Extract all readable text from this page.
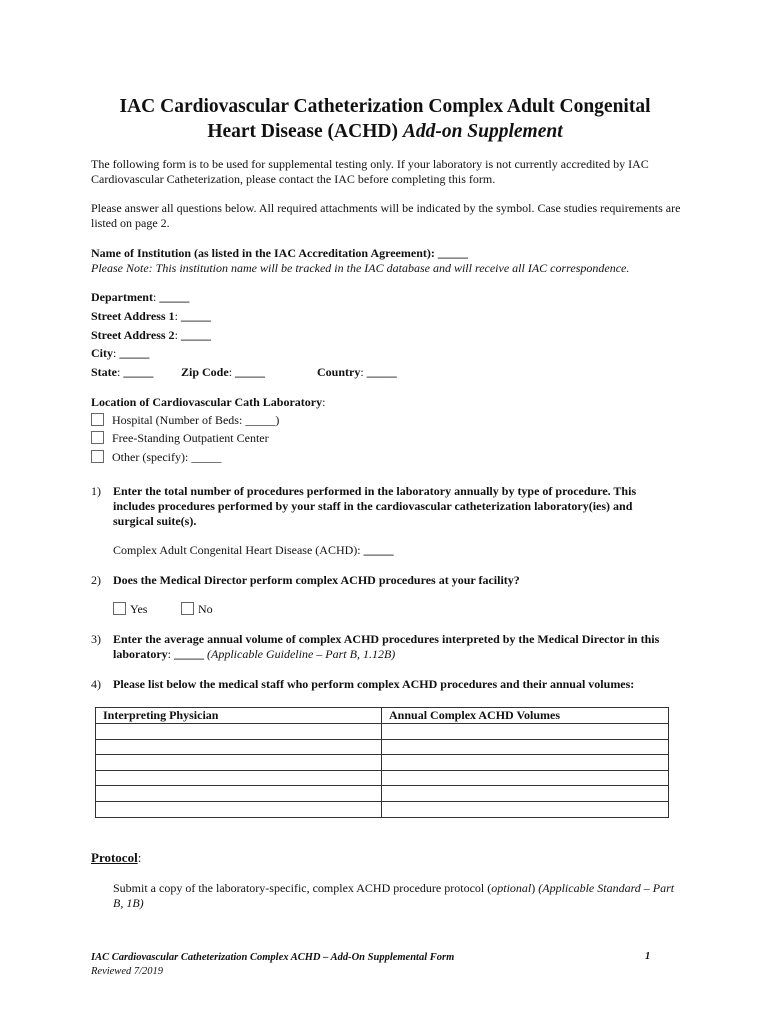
IAC Cardiovascular Catheterization Complex Adult Congenital
Heart Disease (ACHD) Add-on Supplement
The following form is to be used for supplemental testing only. If your laboratory is not currently accredited by IAC Cardiovascular Catheterization, please contact the IAC before completing this form.
Please answer all questions below. All required attachments will be indicated by the symbol. Case studies requirements are listed on page 2.
Name of Institution (as listed in the IAC Accreditation Agreement): _____
Please Note: This institution name will be tracked in the IAC database and will receive all IAC correspondence.
Department: _____
Street Address 1: _____
Street Address 2: _____
City: _____
State: _____ Zip Code: _____	Country: _____
Location of Cardiovascular Cath Laboratory:
Hospital (Number of Beds: _____)
Free-Standing Outpatient Center
Other (specify): _____
1) Enter the total number of procedures performed in the laboratory annually by type of procedure. This includes procedures performed by your staff in the cardiovascular catheterization laboratory(ies) and surgical suite(s).
Complex Adult Congenital Heart Disease (ACHD): _____
2) Does the Medical Director perform complex ACHD procedures at your facility?
Yes	No
3) Enter the average annual volume of complex ACHD procedures interpreted by the Medical Director in this laboratory: _____ (Applicable Guideline – Part B, 1.12B)
4) Please list below the medical staff who perform complex ACHD procedures and their annual volumes:
Interpreting Physician	Annual Complex ACHD Volumes

Protocol:
Submit a copy of the laboratory-specific, complex ACHD procedure protocol (optional) (Applicable Standard – Part B, 1B)
IAC Cardiovascular Catheterization Complex ACHD – Add-On Supplemental Form
Reviewed 7/2019
1
